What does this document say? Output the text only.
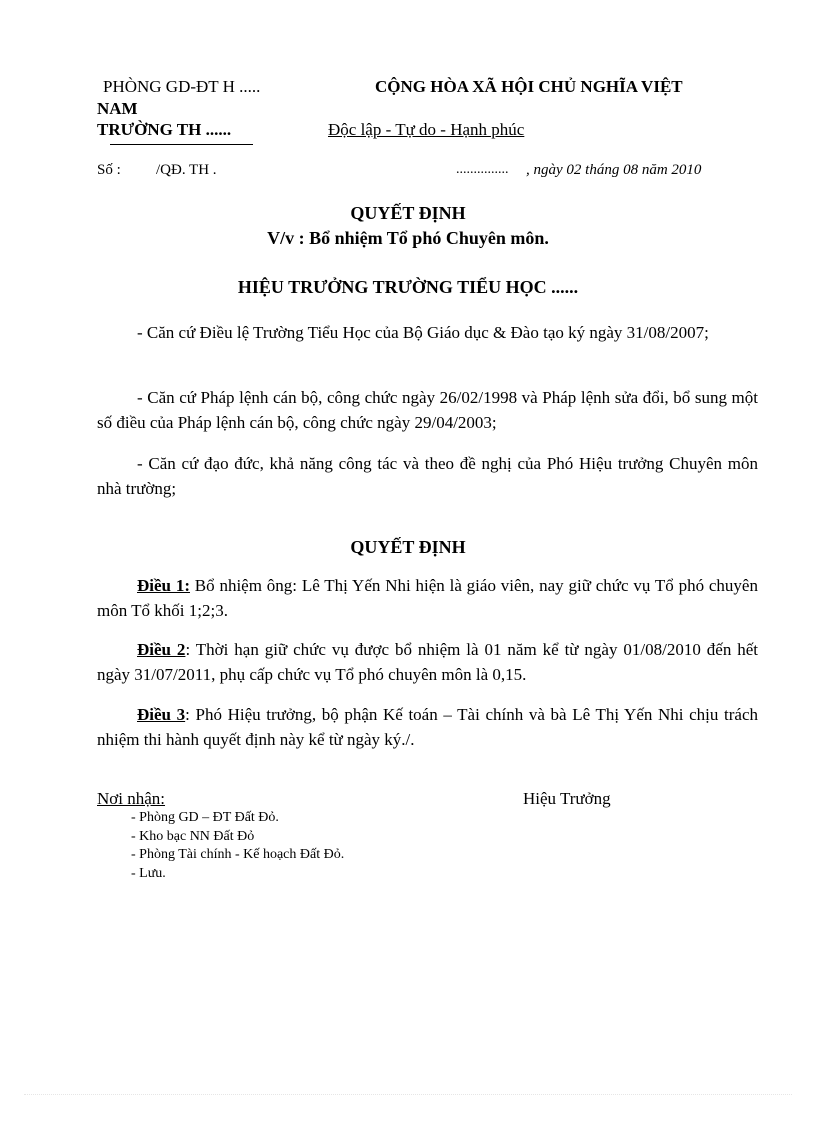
PHÒNG GD-ĐT H .....	CỘNG HÒA XÃ HỘI CHỦ NGHĨA VIỆT
NAM
TRƯỜNG TH ......	Độc lập - Tự do - Hạnh phúc
Số : /QĐ. TH .	............... , ngày 02 tháng 08 năm 2010
QUYẾT ĐỊNH
V/v : Bổ nhiệm Tổ phó Chuyên môn.
HIỆU TRƯỞNG TRƯỜNG TIỂU HỌC ......
- Căn cứ Điều lệ Trường Tiểu Học của Bộ Giáo dục & Đào tạo ký ngày 31/08/2007;
- Căn cứ Pháp lệnh cán bộ, công chức ngày 26/02/1998 và Pháp lệnh sửa đổi, bổ sung một số điều của Pháp lệnh cán bộ, công chức ngày 29/04/2003;
- Căn cứ đạo đức, khả năng công tác và theo đề nghị của Phó Hiệu trưởng Chuyên môn nhà trường;
QUYẾT ĐỊNH
Điều 1: Bổ nhiệm ông: Lê Thị Yến Nhi hiện là giáo viên, nay giữ chức vụ Tổ phó chuyên môn Tổ khối 1;2;3.
Điều 2: Thời hạn giữ chức vụ được bổ nhiệm là 01 năm kể từ ngày 01/08/2010 đến hết ngày 31/07/2011, phụ cấp chức vụ Tổ phó chuyên môn là 0,15.
Điều 3: Phó Hiệu trưởng, bộ phận Kế toán – Tài chính và bà Lê Thị Yến Nhi chịu trách nhiệm thi hành quyết định này kể từ ngày ký./.
Nơi nhận:	Hiệu Trưởng
- Phòng GD – ĐT Đất Đỏ.
- Kho bạc NN Đất Đỏ
- Phòng Tài chính - Kế hoạch Đất Đỏ.
- Lưu.
